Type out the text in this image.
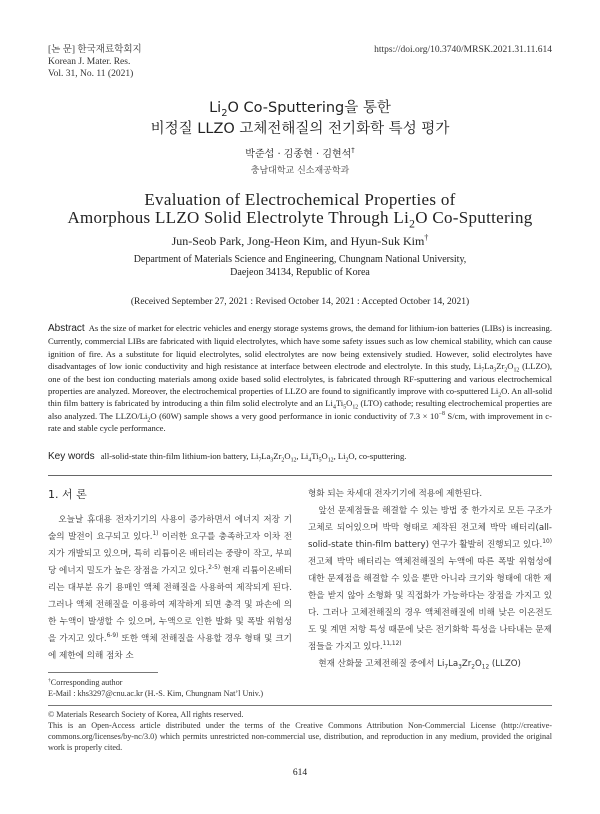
[논 문] 한국재료학회지
Korean J. Mater. Res.
Vol. 31, No. 11 (2021)
https://doi.org/10.3740/MRSK.2021.31.11.614
$Li_2O$ Co-Sputtering을 통한
비정질 LLZO 고체전해질의 전기화학 특성 평가
박준섭 · 김종현 · 김현석†
충남대학교 신소재공학과
Evaluation of Electrochemical Properties of
Amorphous LLZO Solid Electrolyte Through $Li_2O$ Co-Sputtering
Jun-Seob Park, Jong-Heon Kim, and Hyun-Suk Kim†
Department of Materials Science and Engineering, Chungnam National University,
Daejeon 34134, Republic of Korea
(Received September 27, 2021 : Revised October 14, 2021 : Accepted October 14, 2021)
Abstract As the size of market for electric vehicles and energy storage systems grows, the demand for lithium-ion batteries (LIBs) is increasing. Currently, commercial LIBs are fabricated with liquid electrolytes, which have some safety issues such as low chemical stability, which can cause ignition of fire. As a substitute for liquid electrolytes, solid electrolytes are now being extensively studied. However, solid electrolytes have disadvantages of low ionic conductivity and high resistance at interface between electrode and electrolyte. In this study, $Li_7La_3Zr_2O_{12}$ (LLZO), one of the best ion conducting materials among oxide based solid electrolytes, is fabricated through RF-sputtering and various electrochemical properties are analyzed. Moreover, the electrochemical properties of LLZO are found to significantly improve with co-sputtered $Li_2O$. An all-solid thin film battery is fabricated by introducing a thin film solid electrolyte and an $Li_4Ti_5O_{12}$ (LTO) cathode; resulting electrochemical properties are also analyzed. The LLZO/$Li_2O$ (60W) sample shows a very good performance in ionic conductivity of $7.3 \times 10^{-8}$ S/cm, with improvement in c-rate and stable cycle performance.
Key words all-solid-state thin-film lithium-ion battery, $Li_7La_3Zr_2O_{12}$, $Li_4Ti_5O_{12}$, $Li_2O$, co-sputtering.
1. 서 론

오늘날 휴대용 전자기기의 사용이 증가하면서 에너지 저장 기술의 발전이 요구되고 있다.$^{1)}$ 이러한 요구를 충족하고자 이차 전지가 개발되고 있으며, 특히 리튬이온 배터리는 중량이 작고, 부피당 에너지 밀도가 높은 장점을 가지고 있다.$^{2-5)}$ 현재 리튬이온배터리는 대부분 유기 용매인 액체 전해질을 사용하여 제작되게 된다. 그러나 액체 전해질을 이용하여 제작하게 되면 충격 및 파손에 의한 누액이 발생할 수 있으며, 누액으로 인한 발화 및 폭발 위험성을 가지고 있다.$^{6-9)}$ 또한 액체 전해질을 사용할 경우 형태 및 크기에 제한에 의해 점차 소

형화 되는 차세대 전자기기에 적용에 제한된다.

앞선 문제점들을 해결할 수 있는 방법 중 한가지로 모든 구조가 고체로 되어있으며 박막 형태로 제작된 전고체 박막 배터리(all-solid-state thin-film battery) 연구가 활발히 진행되고 있다.$^{10)}$ 전고체 박막 배터리는 액체전해질의 누액에 따른 폭발 위험성에 대한 문제점을 해결할 수 있을 뿐만 아니라 크기와 형태에 대한 제한을 받지 않아 소형화 및 직접화가 가능하다는 장점을 가지고 있다. 그러나 고체전해질의 경우 액체전해질에 비해 낮은 이온전도도 및 계면 저항 특성 때문에 낮은 전기화학 특성을 나타내는 문제점들을 가지고 있다.$^{11,12)}$

현재 산화물 고체전해질 중에서 $Li_7La_3Zr_2O_{12}$ (LLZO)

†Corresponding author
E-Mail : khs3297@cnu.ac.kr (H.-S. Kim, Chungnam Nat’l Univ.)
© Materials Research Society of Korea, All rights reserved.
This is an Open-Access article distributed under the terms of the Creative Commons Attribution Non-Commercial License (http://creative-commons.org/licenses/by-nc/3.0) which permits unrestricted non-commercial use, distribution, and reproduction in any medium, provided the original work is properly cited.
614
